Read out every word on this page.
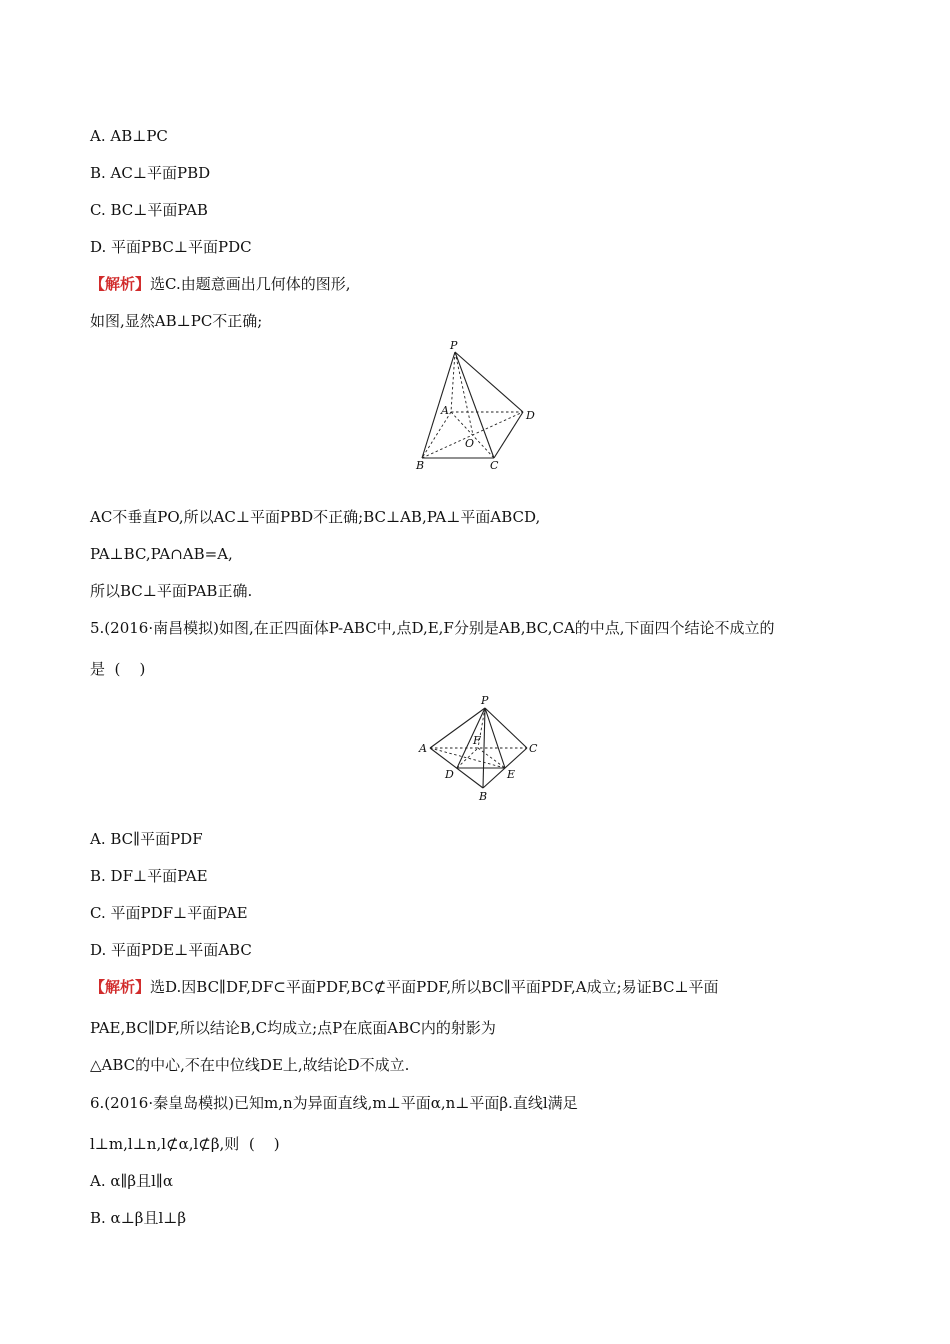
A. AB⊥PC
B. AC⊥平面PBD
C. BC⊥平面PAB
D. 平面PBC⊥平面PDC
【解析】选C.由题意画出几何体的图形,
如图,显然AB⊥PC不正确;
P
A	D
O
B	C
AC不垂直PO,所以AC⊥平面PBD不正确;BC⊥AB,PA⊥平面ABCD,
PA⊥BC,PA∩AB=A,
所以BC⊥平面PAB正确.
5.(2016·南昌模拟)如图,在正四面体P-ABC中,点D,E,F分别是AB,BC,CA的中点,下面四个结论不成立的
是  (    )
P
A	C
F
D	E
B
A. BC∥平面PDF
B. DF⊥平面PAE
C. 平面PDF⊥平面PAE
D. 平面PDE⊥平面ABC
【解析】选D.因BC∥DF,DF⊂平面PDF,BC⊄平面PDF,所以BC∥平面PDF,A成立;易证BC⊥平面
PAE,BC∥DF,所以结论B,C均成立;点P在底面ABC内的射影为
△ABC的中心,不在中位线DE上,故结论D不成立.
6.(2016·秦皇岛模拟)已知m,n为异面直线,m⊥平面α,n⊥平面β.直线l满足
l⊥m,l⊥n,l⊄α,l⊄β,则  (    )
A. α∥β且l∥α
B. α⊥β且l⊥β
